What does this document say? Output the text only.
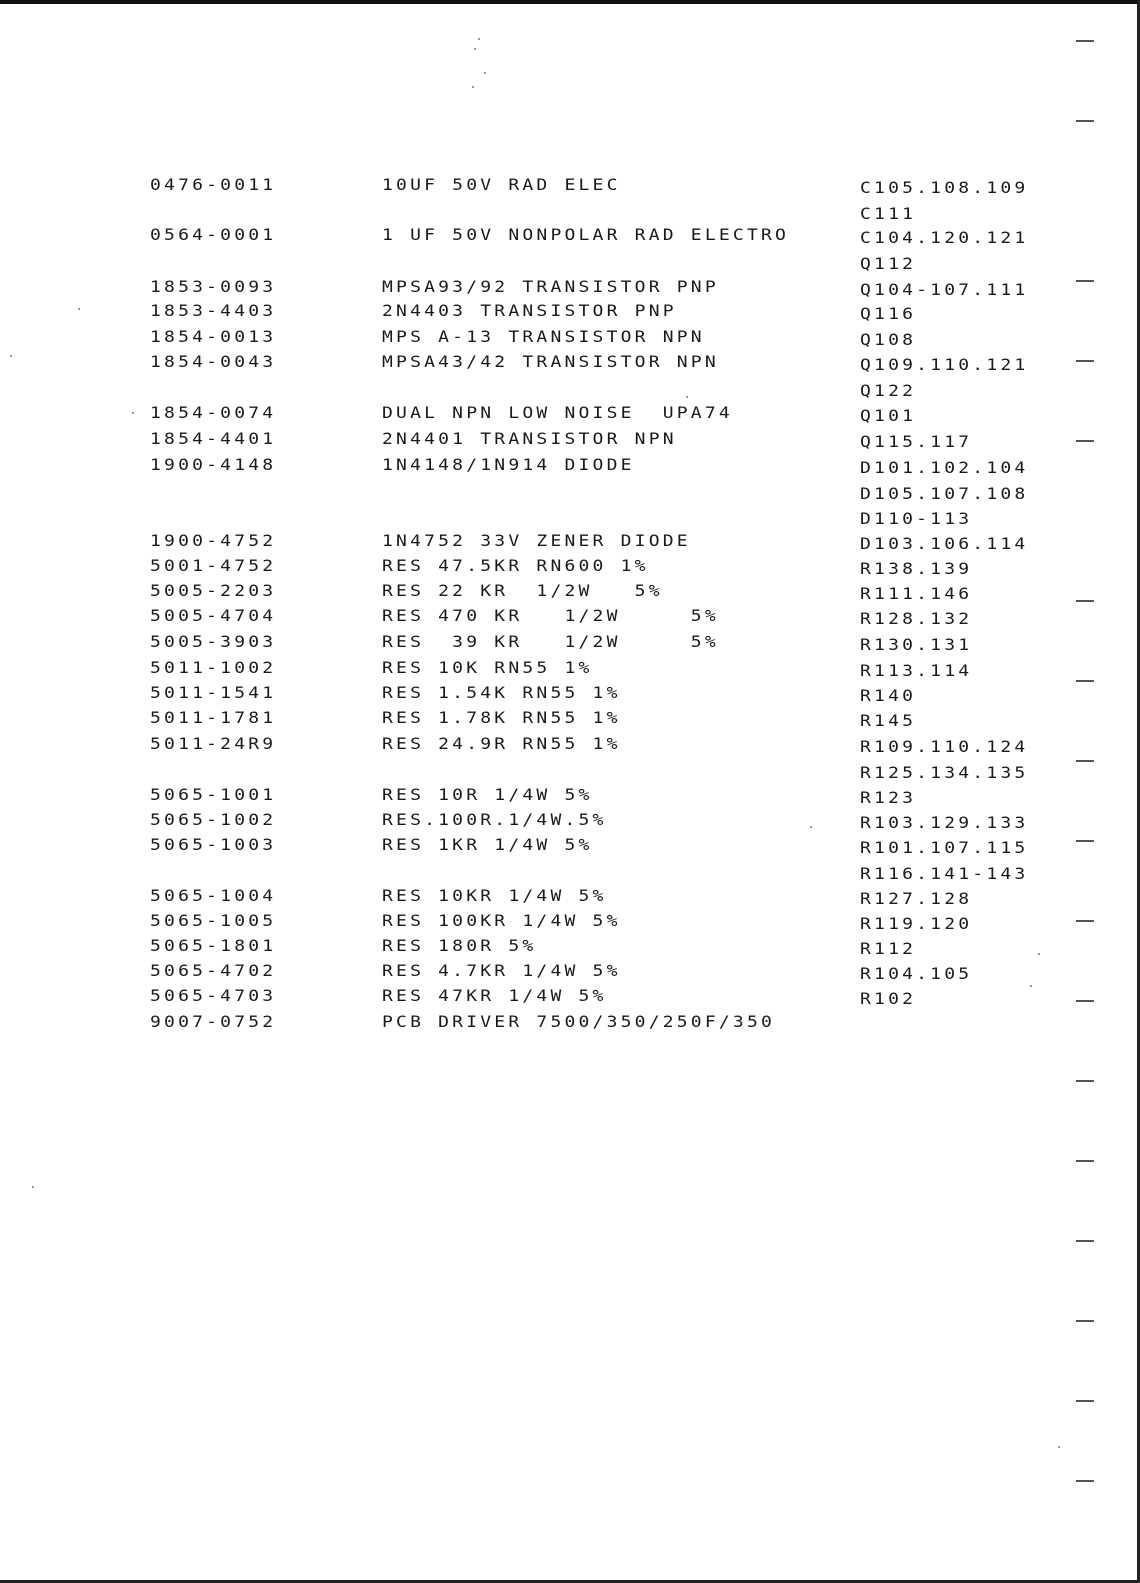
0476-0011	10UF 50V RAD ELEC	C105.108.109
C111
0564-0001	1 UF 50V NONPOLAR RAD ELECTRO	C104.120.121
Q112
1853-0093	MPSA93/92 TRANSISTOR PNP	Q104-107.111
1853-4403	2N4403 TRANSISTOR PNP	Q116
1854-0013	MPS A-13 TRANSISTOR NPN	Q108
1854-0043	MPSA43/42 TRANSISTOR NPN	Q109.110.121
Q122
1854-0074	DUAL NPN LOW NOISE  UPA74	Q101
1854-4401	2N4401 TRANSISTOR NPN	Q115.117
1900-4148	1N4148/1N914 DIODE	D101.102.104
D105.107.108
D110-113
1900-4752	1N4752 33V ZENER DIODE	D103.106.114
5001-4752	RES 47.5KR RN600 1%	R138.139
5005-2203	RES 22 KR  1/2W   5%	R111.146
5005-4704	RES 470 KR   1/2W     5%	R128.132
5005-3903	RES  39 KR   1/2W     5%	R130.131
5011-1002	RES 10K RN55 1%	R113.114
5011-1541	RES 1.54K RN55 1%	R140
5011-1781	RES 1.78K RN55 1%	R145
5011-24R9	RES 24.9R RN55 1%	R109.110.124
R125.134.135
5065-1001	RES 10R 1/4W 5%	R123
5065-1002	RES.100R.1/4W.5%	R103.129.133
5065-1003	RES 1KR 1/4W 5%	R101.107.115
R116.141-143
5065-1004	RES 10KR 1/4W 5%	R127.128
5065-1005	RES 100KR 1/4W 5%	R119.120
5065-1801	RES 180R 5%	R112
5065-4702	RES 4.7KR 1/4W 5%	R104.105
5065-4703	RES 47KR 1/4W 5%	R102
9007-0752	PCB DRIVER 7500/350/250F/350
